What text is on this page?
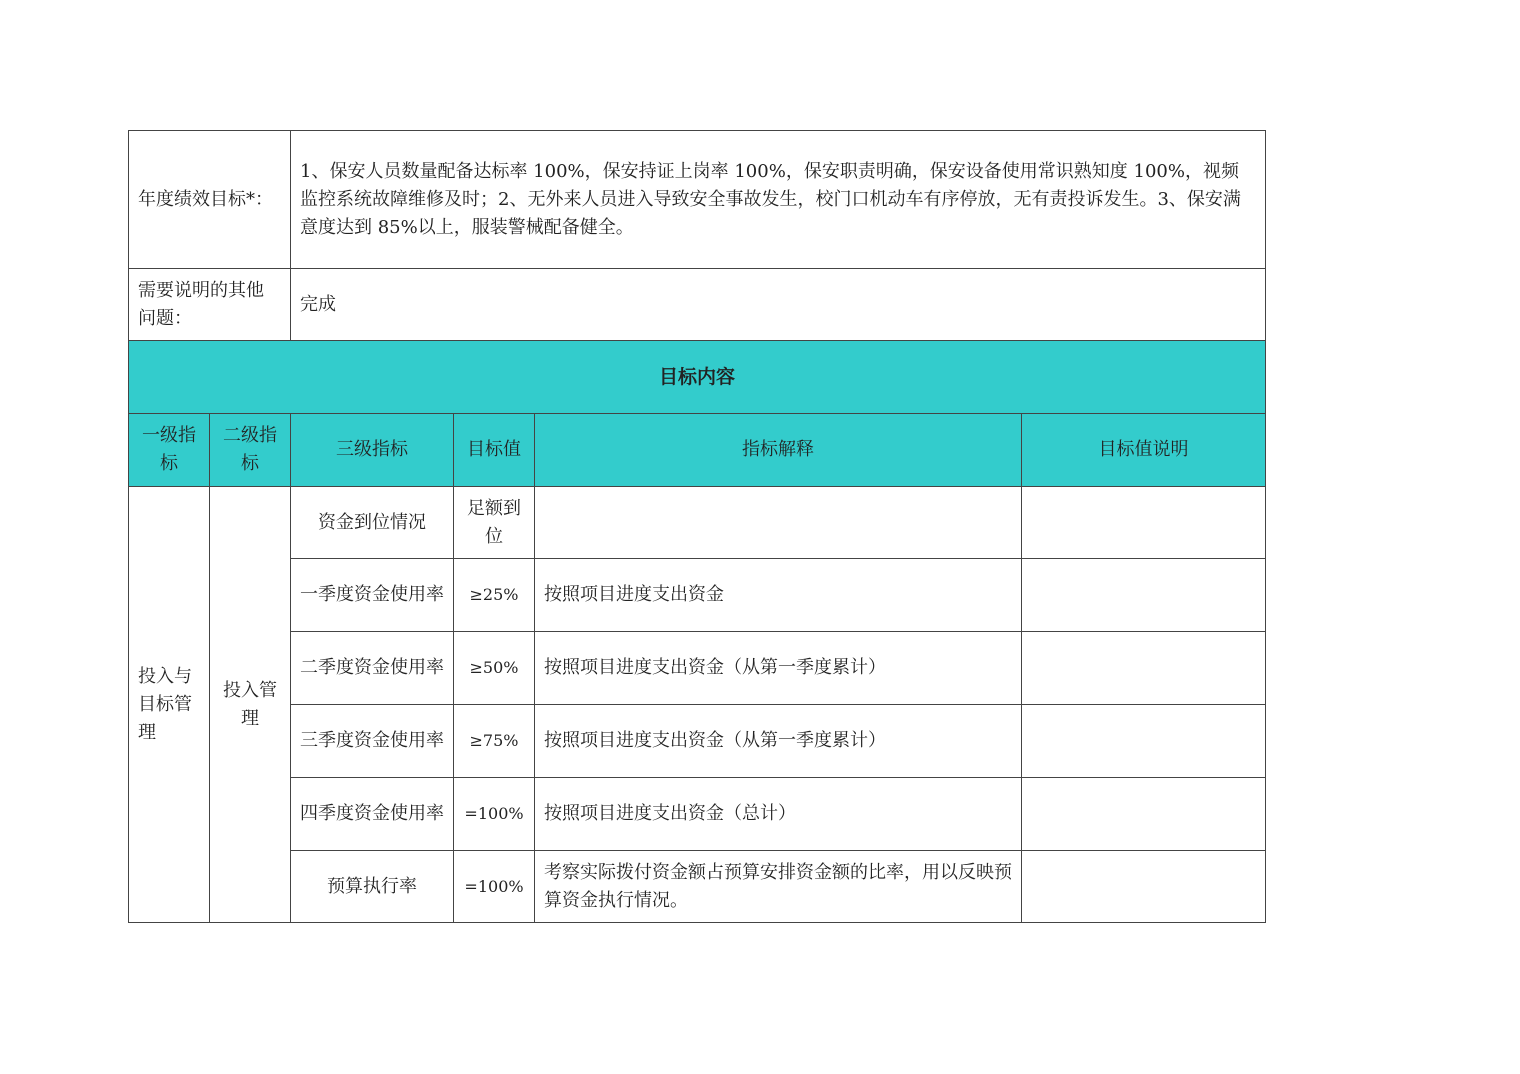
年度绩效目标*：		1、保安人员数量配备达标率 100%，保安持证上岗率 100%，保安职责明确，保安设备使用常识熟知度 100%，视频监控系统故障维修及时；2、无外来人员进入导致安全事故发生，校门口机动车有序停放，无有责投诉发生。3、保安满意度达到 85%以上，服装警械配备健全。			
需要说明的其他问题：		完成			
目标内容					
一级指标	二级指标	三级指标	目标值	指标解释	目标值说明
投入与目标管理	投入管理	资金到位情况	足额到位		
		一季度资金使用率	≥25%	按照项目进度支出资金	
		二季度资金使用率	≥50%	按照项目进度支出资金（从第一季度累计）	
		三季度资金使用率	≥75%	按照项目进度支出资金（从第一季度累计）	
		四季度资金使用率	=100%	按照项目进度支出资金（总计）	
		预算执行率	=100%	考察实际拨付资金额占预算安排资金额的比率，用以反映预算资金执行情况。	
